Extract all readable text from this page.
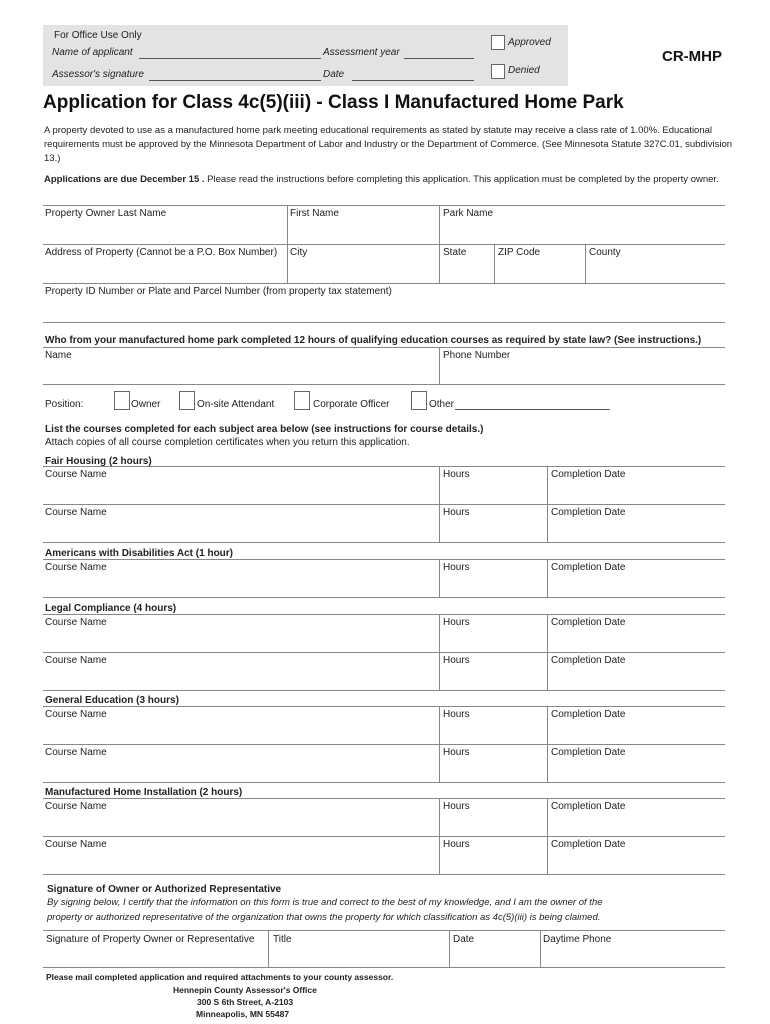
For Office Use Only
Name of applicant	Assessment year
Assessor's signature	Date
Approved
Denied
CR-MHP
Application for Class 4c(5)(iii) - Class I Manufactured Home Park
A property devoted to use as a manufactured home park meeting educational requirements as stated by statute may receive a class rate of 1.00%. Educational requirements must be approved by the Minnesota Department of Labor and Industry or the Department of Commerce. (See Minnesota Statute 327C.01, subdivision 13.)
Applications are due December 15 . Please read the instructions before completing this application. This application must be completed by the property owner.
Property Owner Last Name	First Name	Park Name
Address of Property (Cannot be a P.O. Box Number) City	State	ZIP Code	County
Property ID Number or Plate and Parcel Number (from property tax statement)
Who from your manufactured home park completed 12 hours of qualifying education courses as required by state law? (See instructions.)
Name	Phone Number
Position:	Owner	On-site Attendant	Corporate Officer	Other
List the courses completed for each subject area below (see instructions for course details.)
Attach copies of all course completion certificates when you return this application.
Fair Housing (2 hours)
Course Name	Hours	Completion Date
Course Name	Hours	Completion Date
Americans with Disabilities Act (1 hour)
Course Name	Hours	Completion Date
Legal Compliance (4 hours)
Course Name	Hours	Completion Date
Course Name	Hours	Completion Date
General Education (3 hours)
Course Name	Hours	Completion Date
Course Name	Hours	Completion Date
Manufactured Home Installation (2 hours)
Course Name	Hours	Completion Date
Course Name	Hours	Completion Date
Signature of Owner or Authorized Representative
By signing below, I certify that the information on this form is true and correct to the best of my knowledge, and I am the owner of the
property or authorized representative of the organization that owns the property for which classification as 4c(5)(iii) is being claimed.
Signature of Property Owner or Representative Title	Date	Daytime Phone
Please mail completed application and required attachments to your county assessor.
Hennepin County Assessor's Office
300 S 6th Street, A-2103
Minneapolis, MN 55487
